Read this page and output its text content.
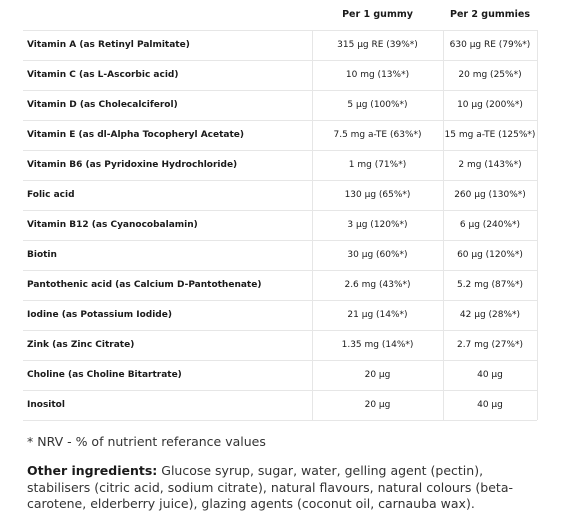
Per 1 gummy	Per 2 gummies
Vitamin A (as Retinyl Palmitate)	315 µg RE (39%*)	630 µg RE (79%*)
Vitamin C (as L-Ascorbic acid)	10 mg (13%*)	20 mg (25%*)
Vitamin D (as Cholecalciferol)	5 µg (100%*)	10 µg (200%*)
Vitamin E (as dl-Alpha Tocopheryl Acetate)	7.5 mg a-TE (63%*)	15 mg a-TE (125%*)
Vitamin B6 (as Pyridoxine Hydrochloride)	1 mg (71%*)	2 mg (143%*)
Folic acid	130 µg (65%*)	260 µg (130%*)
Vitamin B12 (as Cyanocobalamin)	3 µg (120%*)	6 µg (240%*)
Biotin	30 µg (60%*)	60 µg (120%*)
Pantothenic acid (as Calcium D-Pantothenate)	2.6 mg (43%*)	5.2 mg (87%*)
Iodine (as Potassium Iodide)	21 µg (14%*)	42 µg (28%*)
Zink (as Zinc Citrate)	1.35 mg (14%*)	2.7 mg (27%*)
Choline (as Choline Bitartrate)	20 µg	40 µg
Inositol	20 µg	40 µg
* NRV - % of nutrient referance values
Other ingredients: Glucose syrup, sugar, water, gelling agent (pectin), stabilisers (citric acid, sodium citrate), natural flavours, natural colours (beta-carotene, elderberry juice), glazing agents (coconut oil, carnauba wax).
